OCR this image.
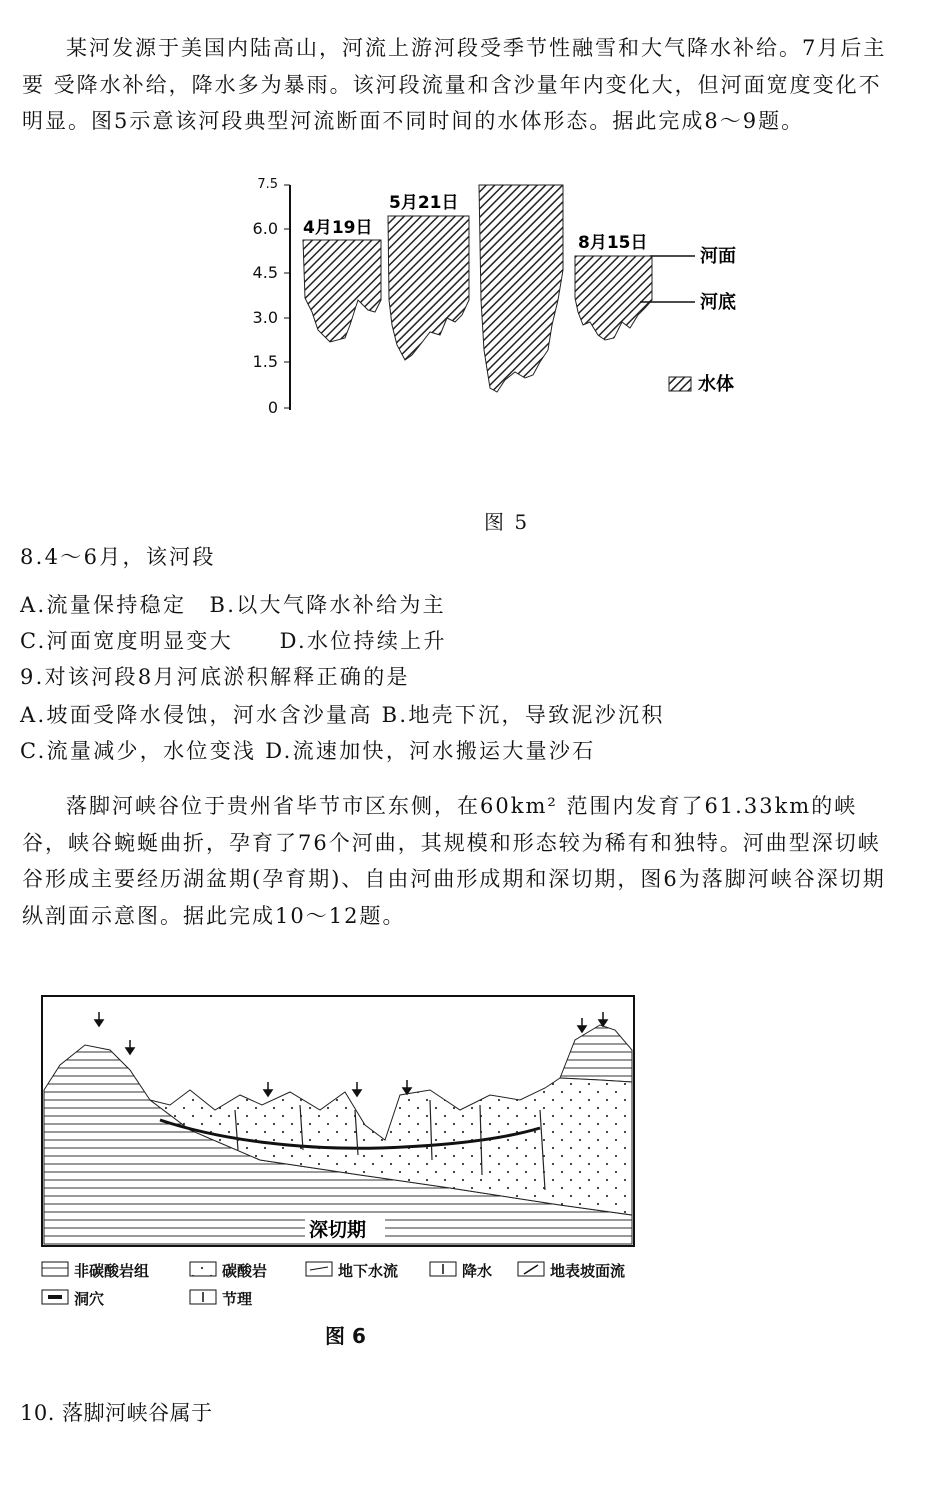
某河发源于美国内陆高山，河流上游河段受季节性融雪和大气降水补给。7月后主要 受降水补给，降水多为暴雨。该河段流量和含沙量年内变化大，但河面宽度变化不明显。图5示意该河段典型河流断面不同时间的水体形态。据此完成8～9题。

7.5
6.0
4.5
3.0
1.5
0
4月19日
5月21日
8月15日
河面
河底
水体
图 5

8.4～6月，该河段

A.流量保持稳定　B.以大气降水补给为主

C.河面宽度明显变大　　D.水位持续上升

9.对该河段8月河底淤积解释正确的是

A.坡面受降水侵蚀，河水含沙量高 B.地壳下沉，导致泥沙沉积

C.流量减少，水位变浅 D.流速加快，河水搬运大量沙石

落脚河峡谷位于贵州省毕节市区东侧，在60km² 范围内发育了61.33km的峡谷，峡谷蜿蜒曲折，孕育了76个河曲，其规模和形态较为稀有和独特。河曲型深切峡谷形成主要经历湖盆期(孕育期)、自由河曲形成期和深切期，图6为落脚河峡谷深切期纵剖面示意图。据此完成10～12题。

深切期
非碳酸岩组	碳酸岩	地下水流	降水	地表坡面流
洞穴	节理
图 6

10. 落脚河峡谷属于
